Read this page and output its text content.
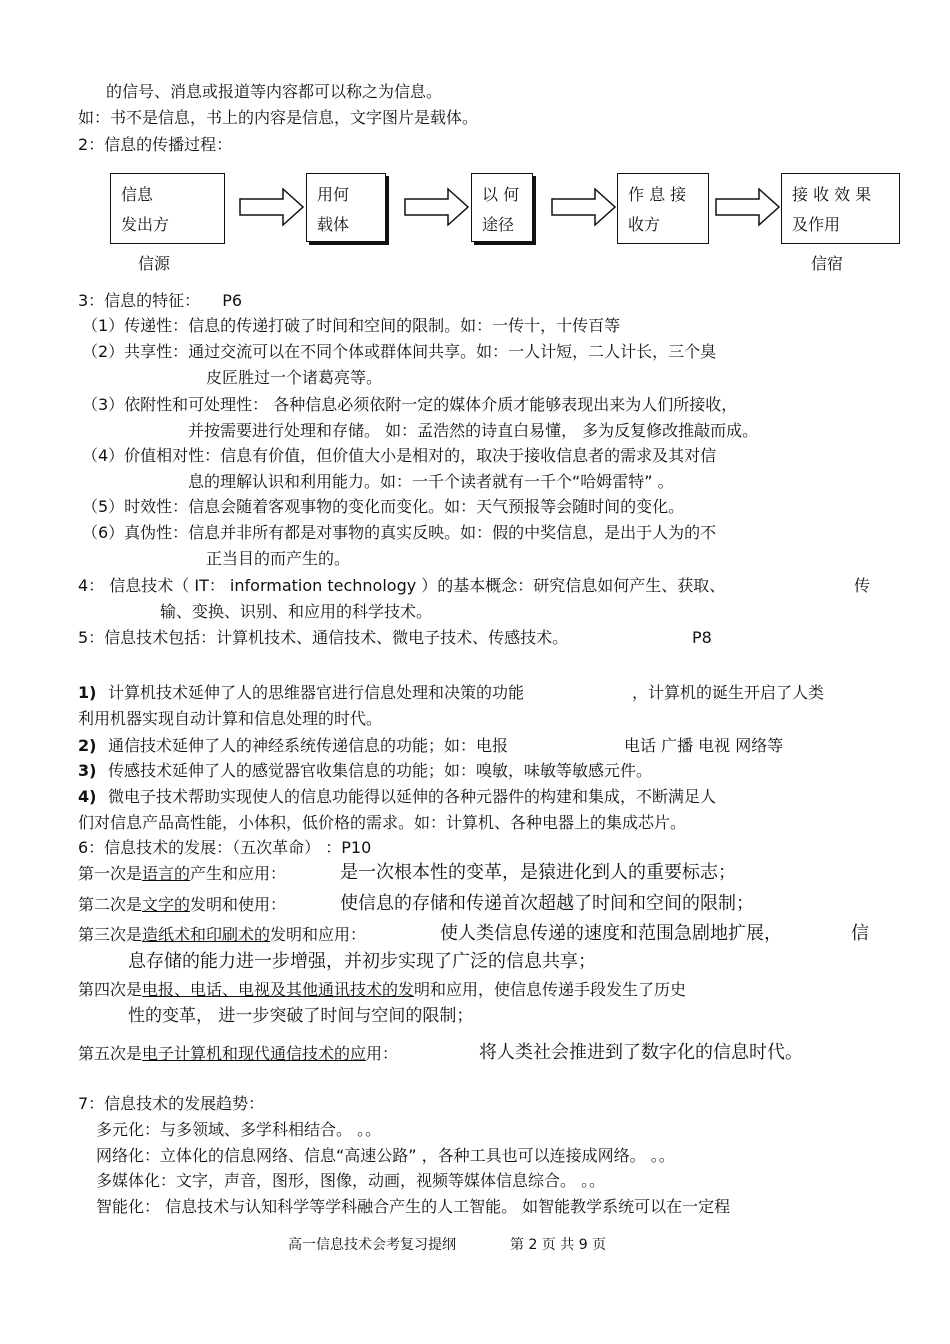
的信号、消息或报道等内容都可以称之为信息。
如：书不是信息，书上的内容是信息，文字图片是载体。
2：信息的传播过程：
信息
发出方
用何
载体
以 何
途径
作 息 接
收方
接 收 效 果
及作用
信源	信宿
3：信息的特征： P6
（1）传递性：信息的传递打破了时间和空间的限制。如：一传十，十传百等
（2）共享性：通过交流可以在不同个体或群体间共享。如：一人计短，二人计长，三个臭
皮匠胜过一个诸葛亮等。
（3）依附性和可处理性： 各种信息必须依附一定的媒体介质才能够表现出来为人们所接收，
并按需要进行处理和存储。 如：孟浩然的诗直白易懂， 多为反复修改推敲而成。
（4）价值相对性：信息有价值，但价值大小是相对的，取决于接收信息者的需求及其对信
息的理解认识和利用能力。如：一千个读者就有一千个“哈姆雷特” 。
（5）时效性：信息会随着客观事物的变化而变化。如：天气预报等会随时间的变化。
（6）真伪性：信息并非所有都是对事物的真实反映。如：假的中奖信息，是出于人为的不
正当目的而产生的。
4： 信息技术（ IT： information technology ）的基本概念：研究信息如何产生、获取、	传
输、变换、识别、和应用的科学技术。
5：信息技术包括：计算机技术、通信技术、微电子技术、传感技术。	P8
1) 计算机技术延伸了人的思维器官进行信息处理和决策的功能	，计算机的诞生开启了人类
利用机器实现自动计算和信息处理的时代。
2) 通信技术延伸了人的神经系统传递信息的功能；如：电报	电话 广播 电视 网络等
3) 传感技术延伸了人的感觉器官收集信息的功能；如：嗅敏，味敏等敏感元件。
4) 微电子技术帮助实现使人的信息功能得以延伸的各种元器件的构建和集成，不断满足人
们对信息产品高性能，小体积，低价格的需求。如：计算机、各种电器上的集成芯片。
6：信息技术的发展：（五次革命） ：P10
第一次是语言的产生和应用：	是一次根本性的变革，是猿进化到人的重要标志；
第二次是文字的发明和使用：	使信息的存储和传递首次超越了时间和空间的限制；
第三次是造纸术和印刷术的发明和应用：	使人类信息传递的速度和范围急剧地扩展，	信
息存储的能力进一步增强，并初步实现了广泛的信息共享；
第四次是电报、电话、电视及其他通讯技术的发明和应用，使信息传递手段发生了历史
性的变革， 进一步突破了时间与空间的限制；
第五次是电子计算机和现代通信技术的应用：	将人类社会推进到了数字化的信息时代。
7：信息技术的发展趋势：
多元化：与多领域、多学科相结合。 。。
网络化：立体化的信息网络、信息“高速公路” ，各种工具也可以连接成网络。 。。
多媒体化：文字，声音，图形，图像，动画，视频等媒体信息综合。 。。
智能化： 信息技术与认知科学等学科融合产生的人工智能。 如智能教学系统可以在一定程
高一信息技术会考复习提纲	第 2 页 共 9 页
